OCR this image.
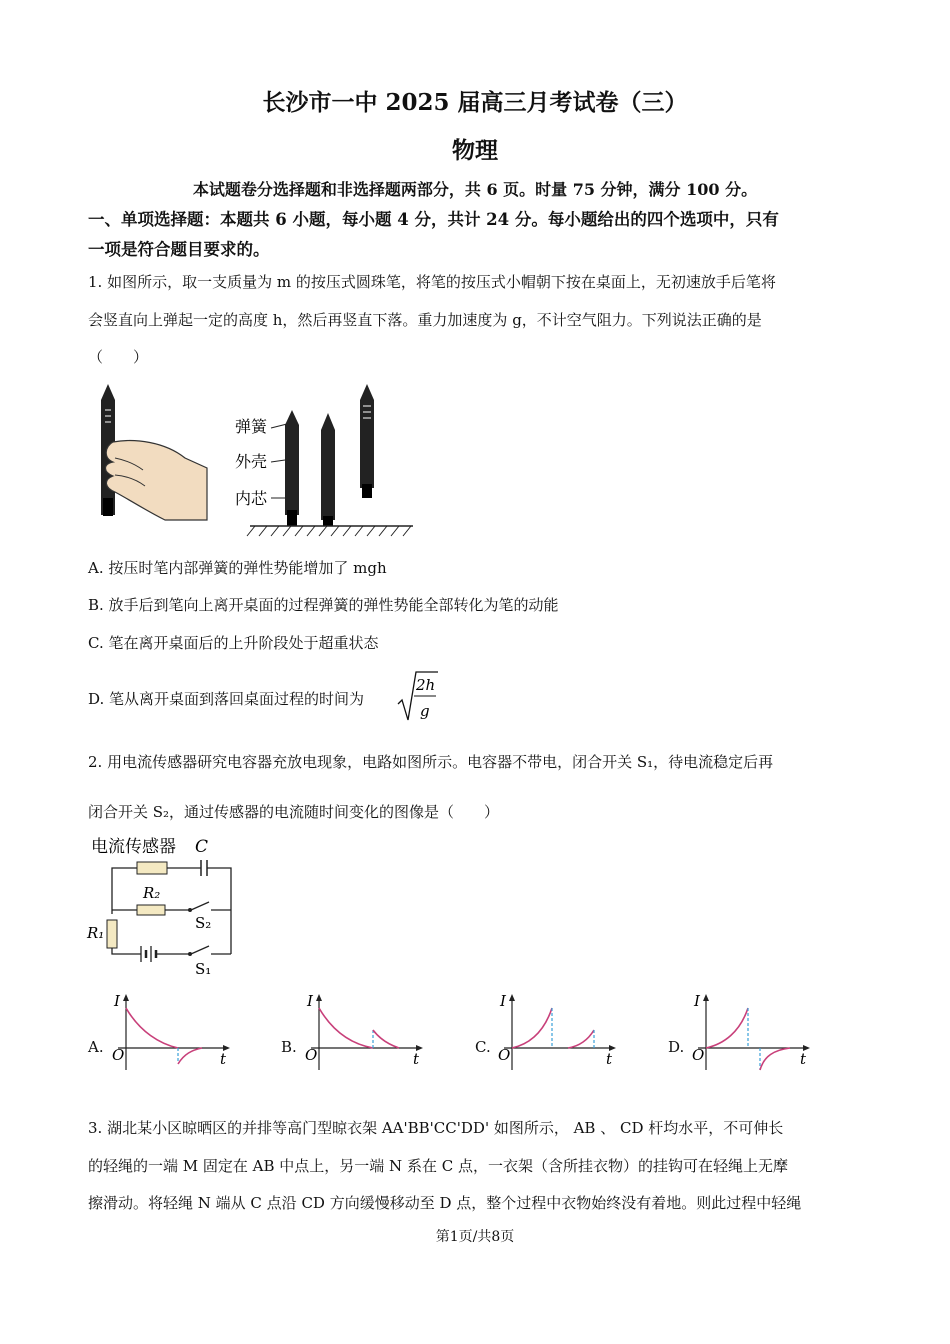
长沙市一中 2025 届高三月考试卷（三）
物理
本试题卷分选择题和非选择题两部分，共 6 页。时量 75 分钟，满分 100 分。
一、单项选择题：本题共 6 小题，每小题 4 分，共计 24 分。每小题给出的四个选项中，只有
一项是符合题目要求的。
1. 如图所示，取一支质量为 m 的按压式圆珠笔，将笔的按压式小帽朝下按在桌面上，无初速放手后笔将
会竖直向上弹起一定的高度 h，然后再竖直下落。重力加速度为 g，不计空气阻力。下列说法正确的是
（　　）
弹簧
外壳
内芯
A. 按压时笔内部弹簧的弹性势能增加了 mgh
B. 放手后到笔向上离开桌面的过程弹簧的弹性势能全部转化为笔的动能
C. 笔在离开桌面后的上升阶段处于超重状态
D. 笔从离开桌面到落回桌面过程的时间为
2h
g
2. 用电流传感器研究电容器充放电现象，电路如图所示。电容器不带电，闭合开关 S₁，待电流稳定后再
闭合开关 S₂，通过传感器的电流随时间变化的图像是（　　）
电流传感器 C
R₂
S₂
R₁
S₁
A.	B.	C.	D.
I
O	t
I
O	t
I
O	t
I
O	t
3. 湖北某小区晾晒区的并排等高门型晾衣架 AA'BB'CC'DD' 如图所示， AB 、 CD 杆均水平，不可伸长
的轻绳的一端 M 固定在 AB 中点上，另一端 N 系在 C 点，一衣架（含所挂衣物）的挂钩可在轻绳上无摩
擦滑动。将轻绳 N 端从 C 点沿 CD 方向缓慢移动至 D 点，整个过程中衣物始终没有着地。则此过程中轻绳
第1页/共8页
